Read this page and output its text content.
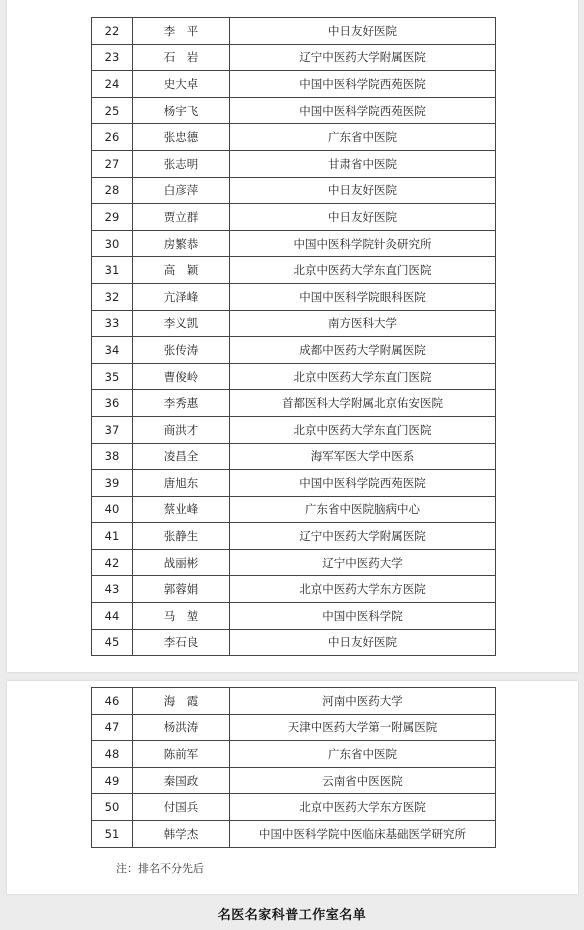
22	李　平	中日友好医院
23	石　岩	辽宁中医药大学附属医院
24	史大卓	中国中医科学院西苑医院
25	杨宇飞	中国中医科学院西苑医院
26	张忠德	广东省中医院
27	张志明	甘肃省中医院
28	白彦萍	中日友好医院
29	贾立群	中日友好医院
30	房繁恭	中国中医科学院针灸研究所
31	高　颖	北京中医药大学东直门医院
32	亢泽峰	中国中医科学院眼科医院
33	李义凯	南方医科大学
34	张传涛	成都中医药大学附属医院
35	曹俊岭	北京中医药大学东直门医院
36	李秀惠	首都医科大学附属北京佑安医院
37	商洪才	北京中医药大学东直门医院
38	凌昌全	海军军医大学中医系
39	唐旭东	中国中医科学院西苑医院
40	蔡业峰	广东省中医院脑病中心
41	张静生	辽宁中医药大学附属医院
42	战丽彬	辽宁中医药大学
43	郭蓉娟	北京中医药大学东方医院
44	马　堃	中国中医科学院
45	李石良	中日友好医院
46	海　霞	河南中医药大学
47	杨洪涛	天津中医药大学第一附属医院
48	陈前军	广东省中医院
49	秦国政	云南省中医医院
50	付国兵	北京中医药大学东方医院
51	韩学杰	中国中医科学院中医临床基础医学研究所
注：排名不分先后
名医名家科普工作室名单
